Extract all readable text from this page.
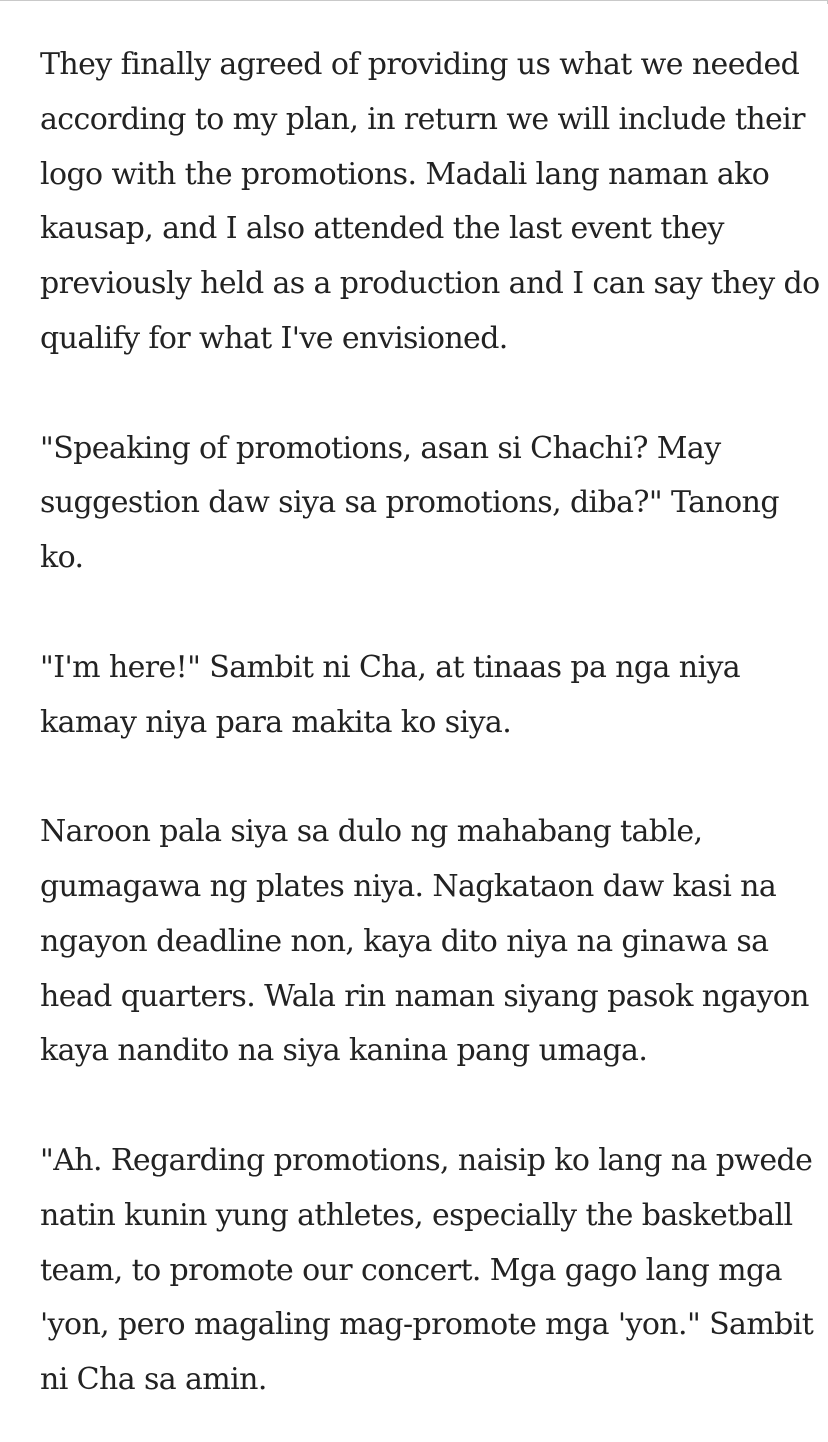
They finally agreed of providing us what we needed
according to my plan, in return we will include their
logo with the promotions. Madali lang naman ako
kausap, and I also attended the last event they
previously held as a production and I can say they do
qualify for what I've envisioned.

"Speaking of promotions, asan si Chachi? May
suggestion daw siya sa promotions, diba?" Tanong
ko.

"I'm here!" Sambit ni Cha, at tinaas pa nga niya
kamay niya para makita ko siya.

Naroon pala siya sa dulo ng mahabang table,
gumagawa ng plates niya. Nagkataon daw kasi na
ngayon deadline non, kaya dito niya na ginawa sa
head quarters. Wala rin naman siyang pasok ngayon
kaya nandito na siya kanina pang umaga.

"Ah. Regarding promotions, naisip ko lang na pwede
natin kunin yung athletes, especially the basketball
team, to promote our concert. Mga gago lang mga
'yon, pero magaling mag-promote mga 'yon." Sambit
ni Cha sa amin.
